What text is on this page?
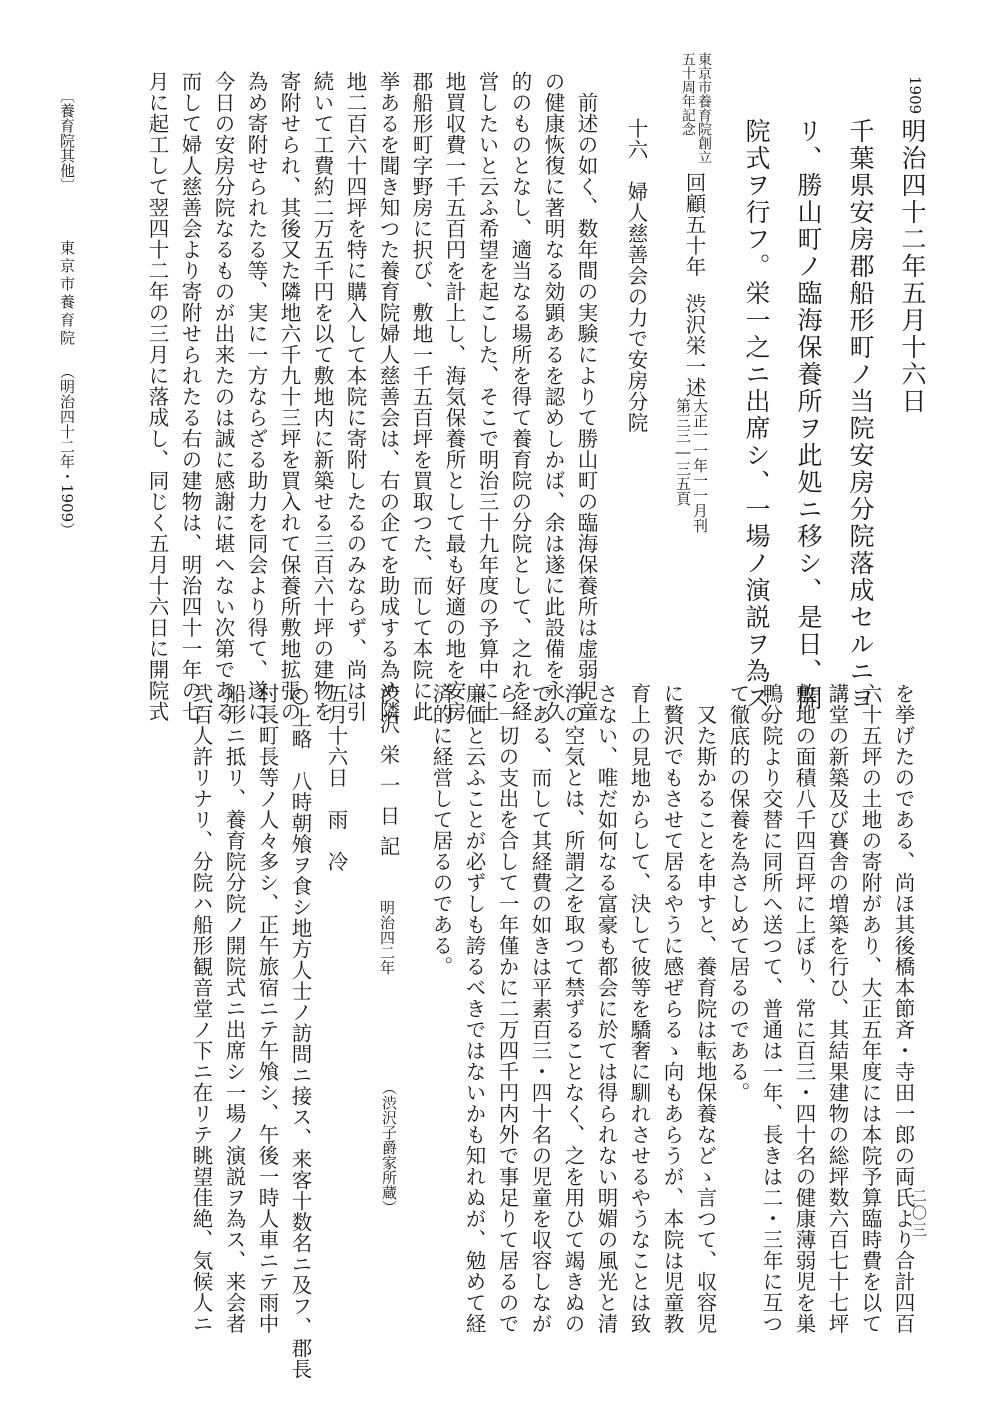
1909
明治四十二年五月十六日
千葉県安房郡船形町ノ当院安房分院落成セルニヨ
リ、勝山町ノ臨海保養所ヲ此処ニ移シ、是日、開
院式ヲ行フ。栄一之ニ出席シ、一場ノ演説ヲ為ス。
東京市養育院創立五十周年記念
回顧五十年
渋沢栄一述
第三三―三五頁 大正一一年一一月刊
十六　婦人慈善会の力で安房分院
前述の如く、数年間の実験によりて勝山町の臨海保養所は虚弱児童
の健康恢復に著明なる効顕あるを認めしかば、余は遂に此設備を永久
的のものとなし、適当なる場所を得て養育院の分院として、之れを経
営したいと云ふ希望を起こした、そこで明治三十九年度の予算中に土
地買収費一千五百円を計上し、海気保養所として最も好適の地を安房
郡船形町字野房に択び、敷地一千五百坪を買取つた、而して本院に此
挙あるを聞き知つた養育院婦人慈善会は、右の企てを助成する為め隣
地二百六十四坪を特に購入して本院に寄附したるのみならず、尚は引
続いて工費約二万五千円を以て敷地内に新築せる三百六十坪の建物を
寄附せられ、其後又た隣地六千九十三坪を買入れて保養所敷地拡張の
為め寄附せられたる等、実に一方ならざる助力を同会より得て、遂に
今日の安房分院なるものが出来たのは誠に感謝に堪へない次第である
而して婦人慈善会より寄附せられたる右の建物は、明治四十一年の七
月に起工して翌四十二年の三月に落成し、同じく五月十六日に開院式
を挙げたのである、尚ほ其後橋本節斉・寺田一郎の両氏より合計四百
六十五坪の土地の寄附があり、大正五年度には本院予算臨時費を以て
講堂の新築及び賽舎の増築を行ひ、其結果建物の総坪数六百七十七坪
敷地の面積八千四百坪に上ぼり、常に百三・四十名の健康薄弱児を巣
鴨分院より交替に同所へ送つて、普通は一年、長きは二・三年に互つ
て徹底的の保養を為さしめて居るのである。
又た斯かることを申すと、養育院は転地保養などゝ言つて、収容児
に贅沢でもさせて居るやうに感ぜらるゝ向もあらうが、本院は児童教
育上の見地からして、決して彼等を驕奢に馴れさせるやうなことは致
さない、唯だ如何なる富豪も都会に於ては得られない明媚の風光と清
浄の空気とは、所謂之を取つて禁ずることなく、之を用ひて竭きぬの
である、而して其経費の如きは平素百三・四十名の児童を収容しなが
ら一切の支出を合して一年僅かに二万四千円内外で事足りて居るので
廉価と云ふことが必ずしも誇るべきではないかも知れぬが、勉めて経
済的に経営して居るのである。
渋沢栄一日記
明治四二年
（渋沢子爵家所蔵）
五月十六日　雨　冷
○上略　八時朝飧ヲ食シ地方人士ノ訪問ニ接ス、来客十数名ニ及フ、郡長
村長町長等ノ人々多シ、正午旅宿ニテ午飧シ、午後一時人車ニテ雨中
船形ニ抵リ、養育院分院ノ開院式ニ出席シ一場ノ演説ヲ為ス、来会者
弐百人許リナリ、分院ハ船形観音堂ノ下ニ在リテ眺望佳絶、気候人ニ
〔養育院其他〕
東京市養育院
（明治四十二年・1909）
二〇三
